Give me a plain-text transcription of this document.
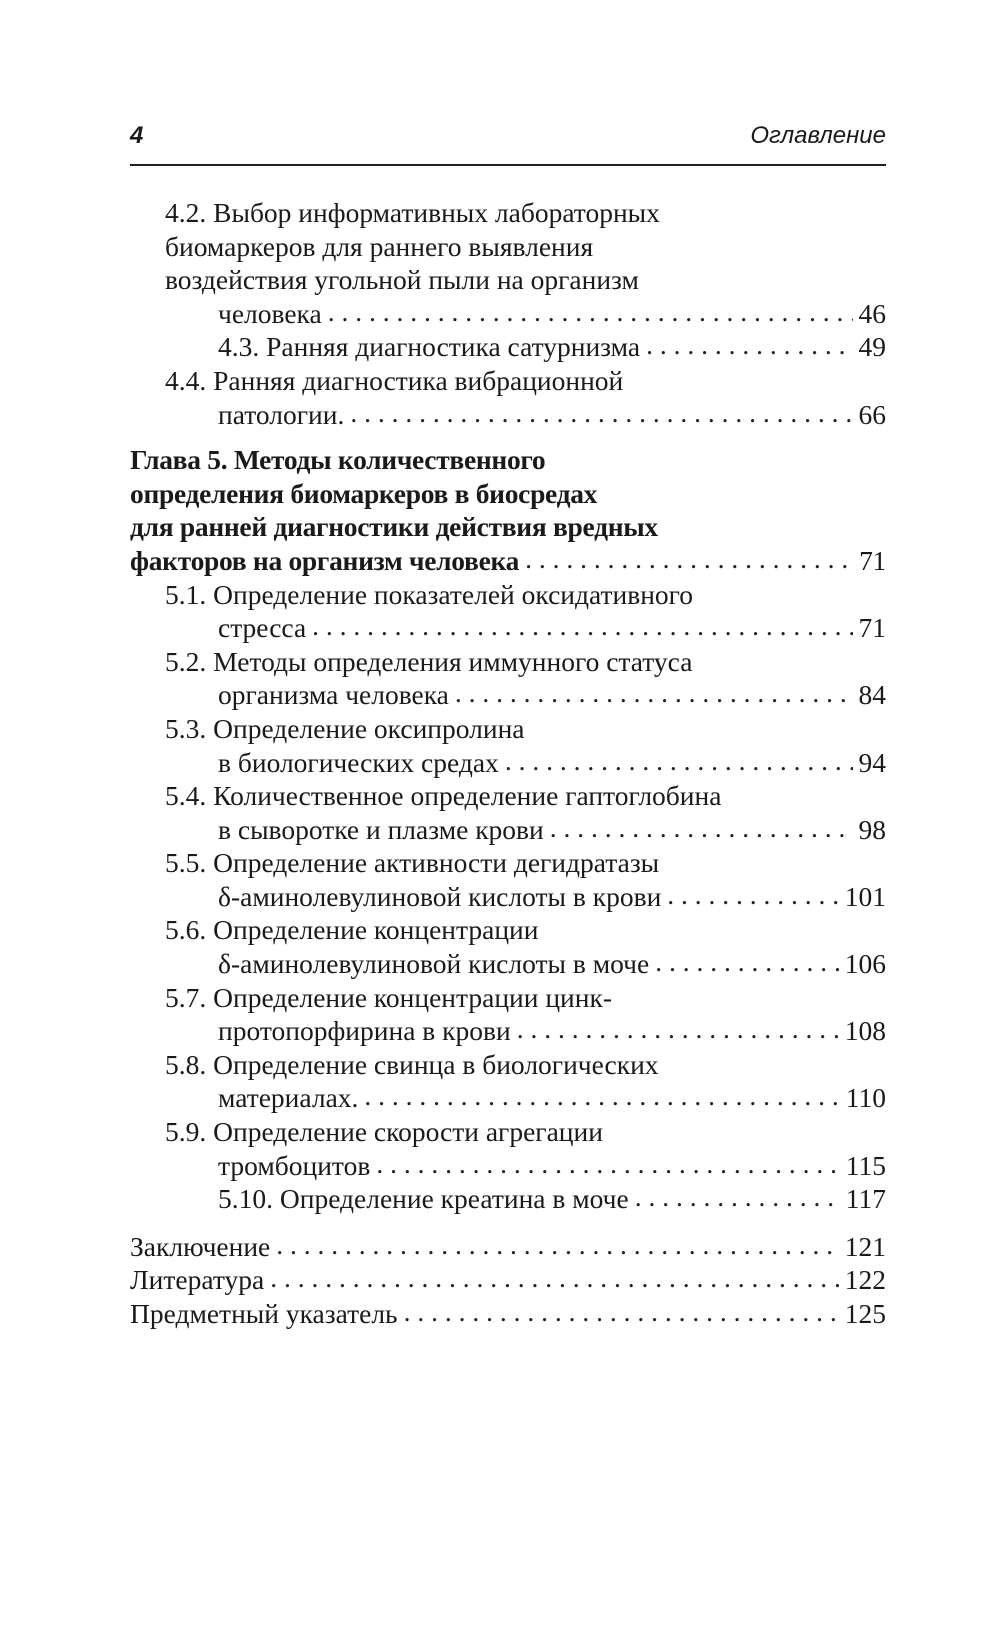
4	Оглавление
4.2. Выбор информативных лабораторных
биомаркеров для раннего выявления
воздействия угольной пыли на организм
человека . . .	46
4.3. Ранняя диагностика сатурнизма . . .	49
4.4. Ранняя диагностика вибрационной
патологии. . . .	66
Глава 5. Методы количественного
определения биомаркеров в биосредах
для ранней диагностики действия вредных
факторов на организм человека . . .	71
5.1. Определение показателей оксидативного
стресса . . .	71
5.2. Методы определения иммунного статуса
организма человека . . .	84
5.3. Определение оксипролина
в биологических средах . . .	94
5.4. Количественное определение гаптоглобина
в сыворотке и плазме крови . . .	98
5.5. Определение активности дегидратазы
δ-аминолевулиновой кислоты в крови . . .	101
5.6. Определение концентрации
δ-аминолевулиновой кислоты в моче . . .	106
5.7. Определение концентрации цинк-
протопорфирина в крови . . .	108
5.8. Определение свинца в биологических
материалах. . . .	110
5.9. Определение скорости агрегации
тромбоцитов . . .	115
5.10. Определение креатина в моче . . .	117
Заключение . . .	121
Литература . . .	122
Предметный указатель . . .	125
